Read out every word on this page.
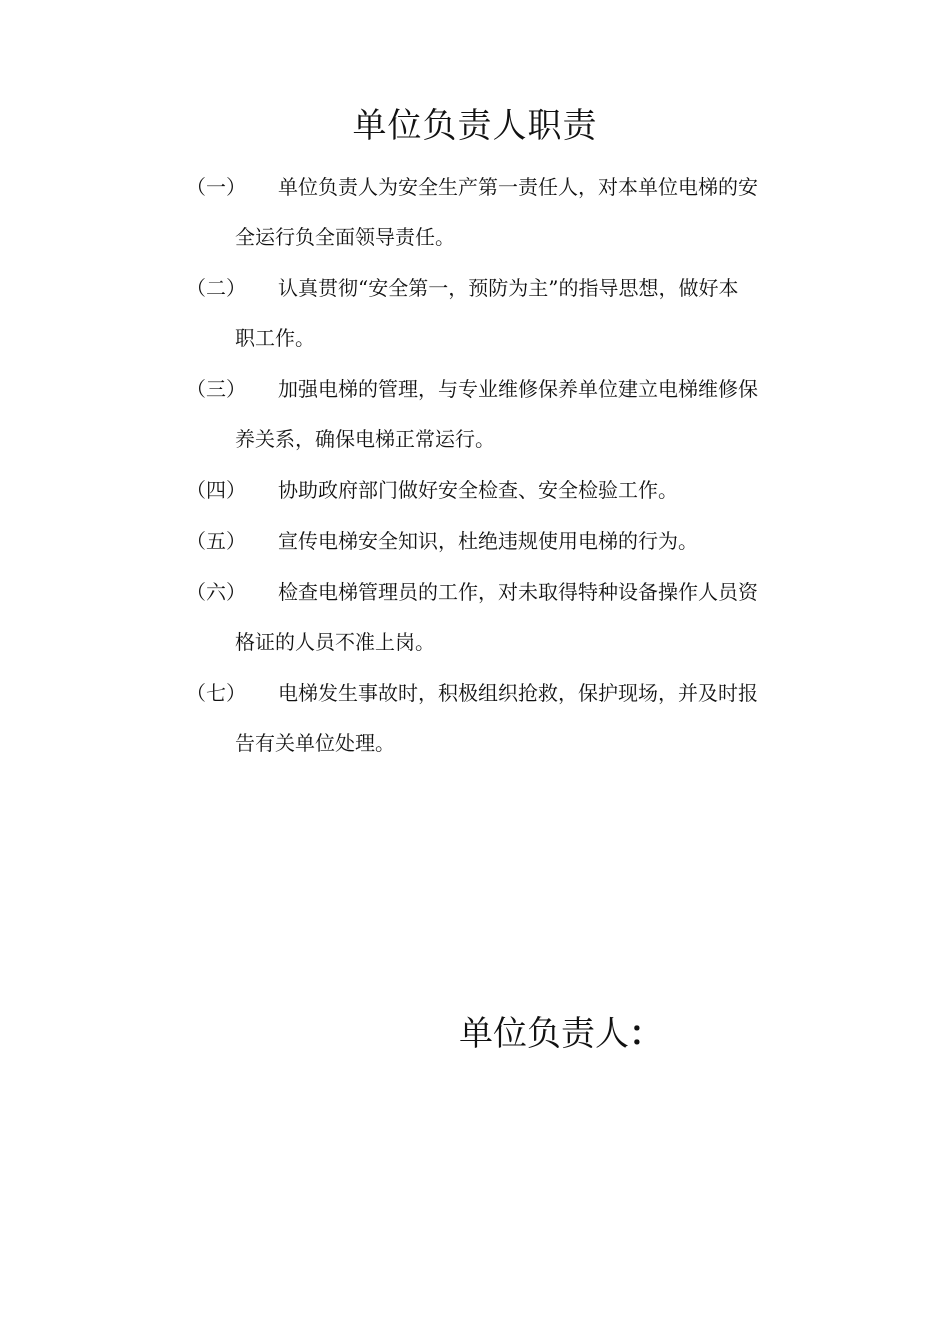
单位负责人职责
（一）	单位负责人为安全生产第一责任人，对本单位电梯的安
全运行负全面领导责任。
（二）	认真贯彻“安全第一，预防为主”的指导思想，做好本
职工作。
（三）	加强电梯的管理，与专业维修保养单位建立电梯维修保
养关系，确保电梯正常运行。
（四）	协助政府部门做好安全检查、安全检验工作。
（五）	宣传电梯安全知识，杜绝违规使用电梯的行为。
（六）	检查电梯管理员的工作，对未取得特种设备操作人员资
格证的人员不准上岗。
（七）	电梯发生事故时，积极组织抢救，保护现场，并及时报
告有关单位处理。

单位负责人：
